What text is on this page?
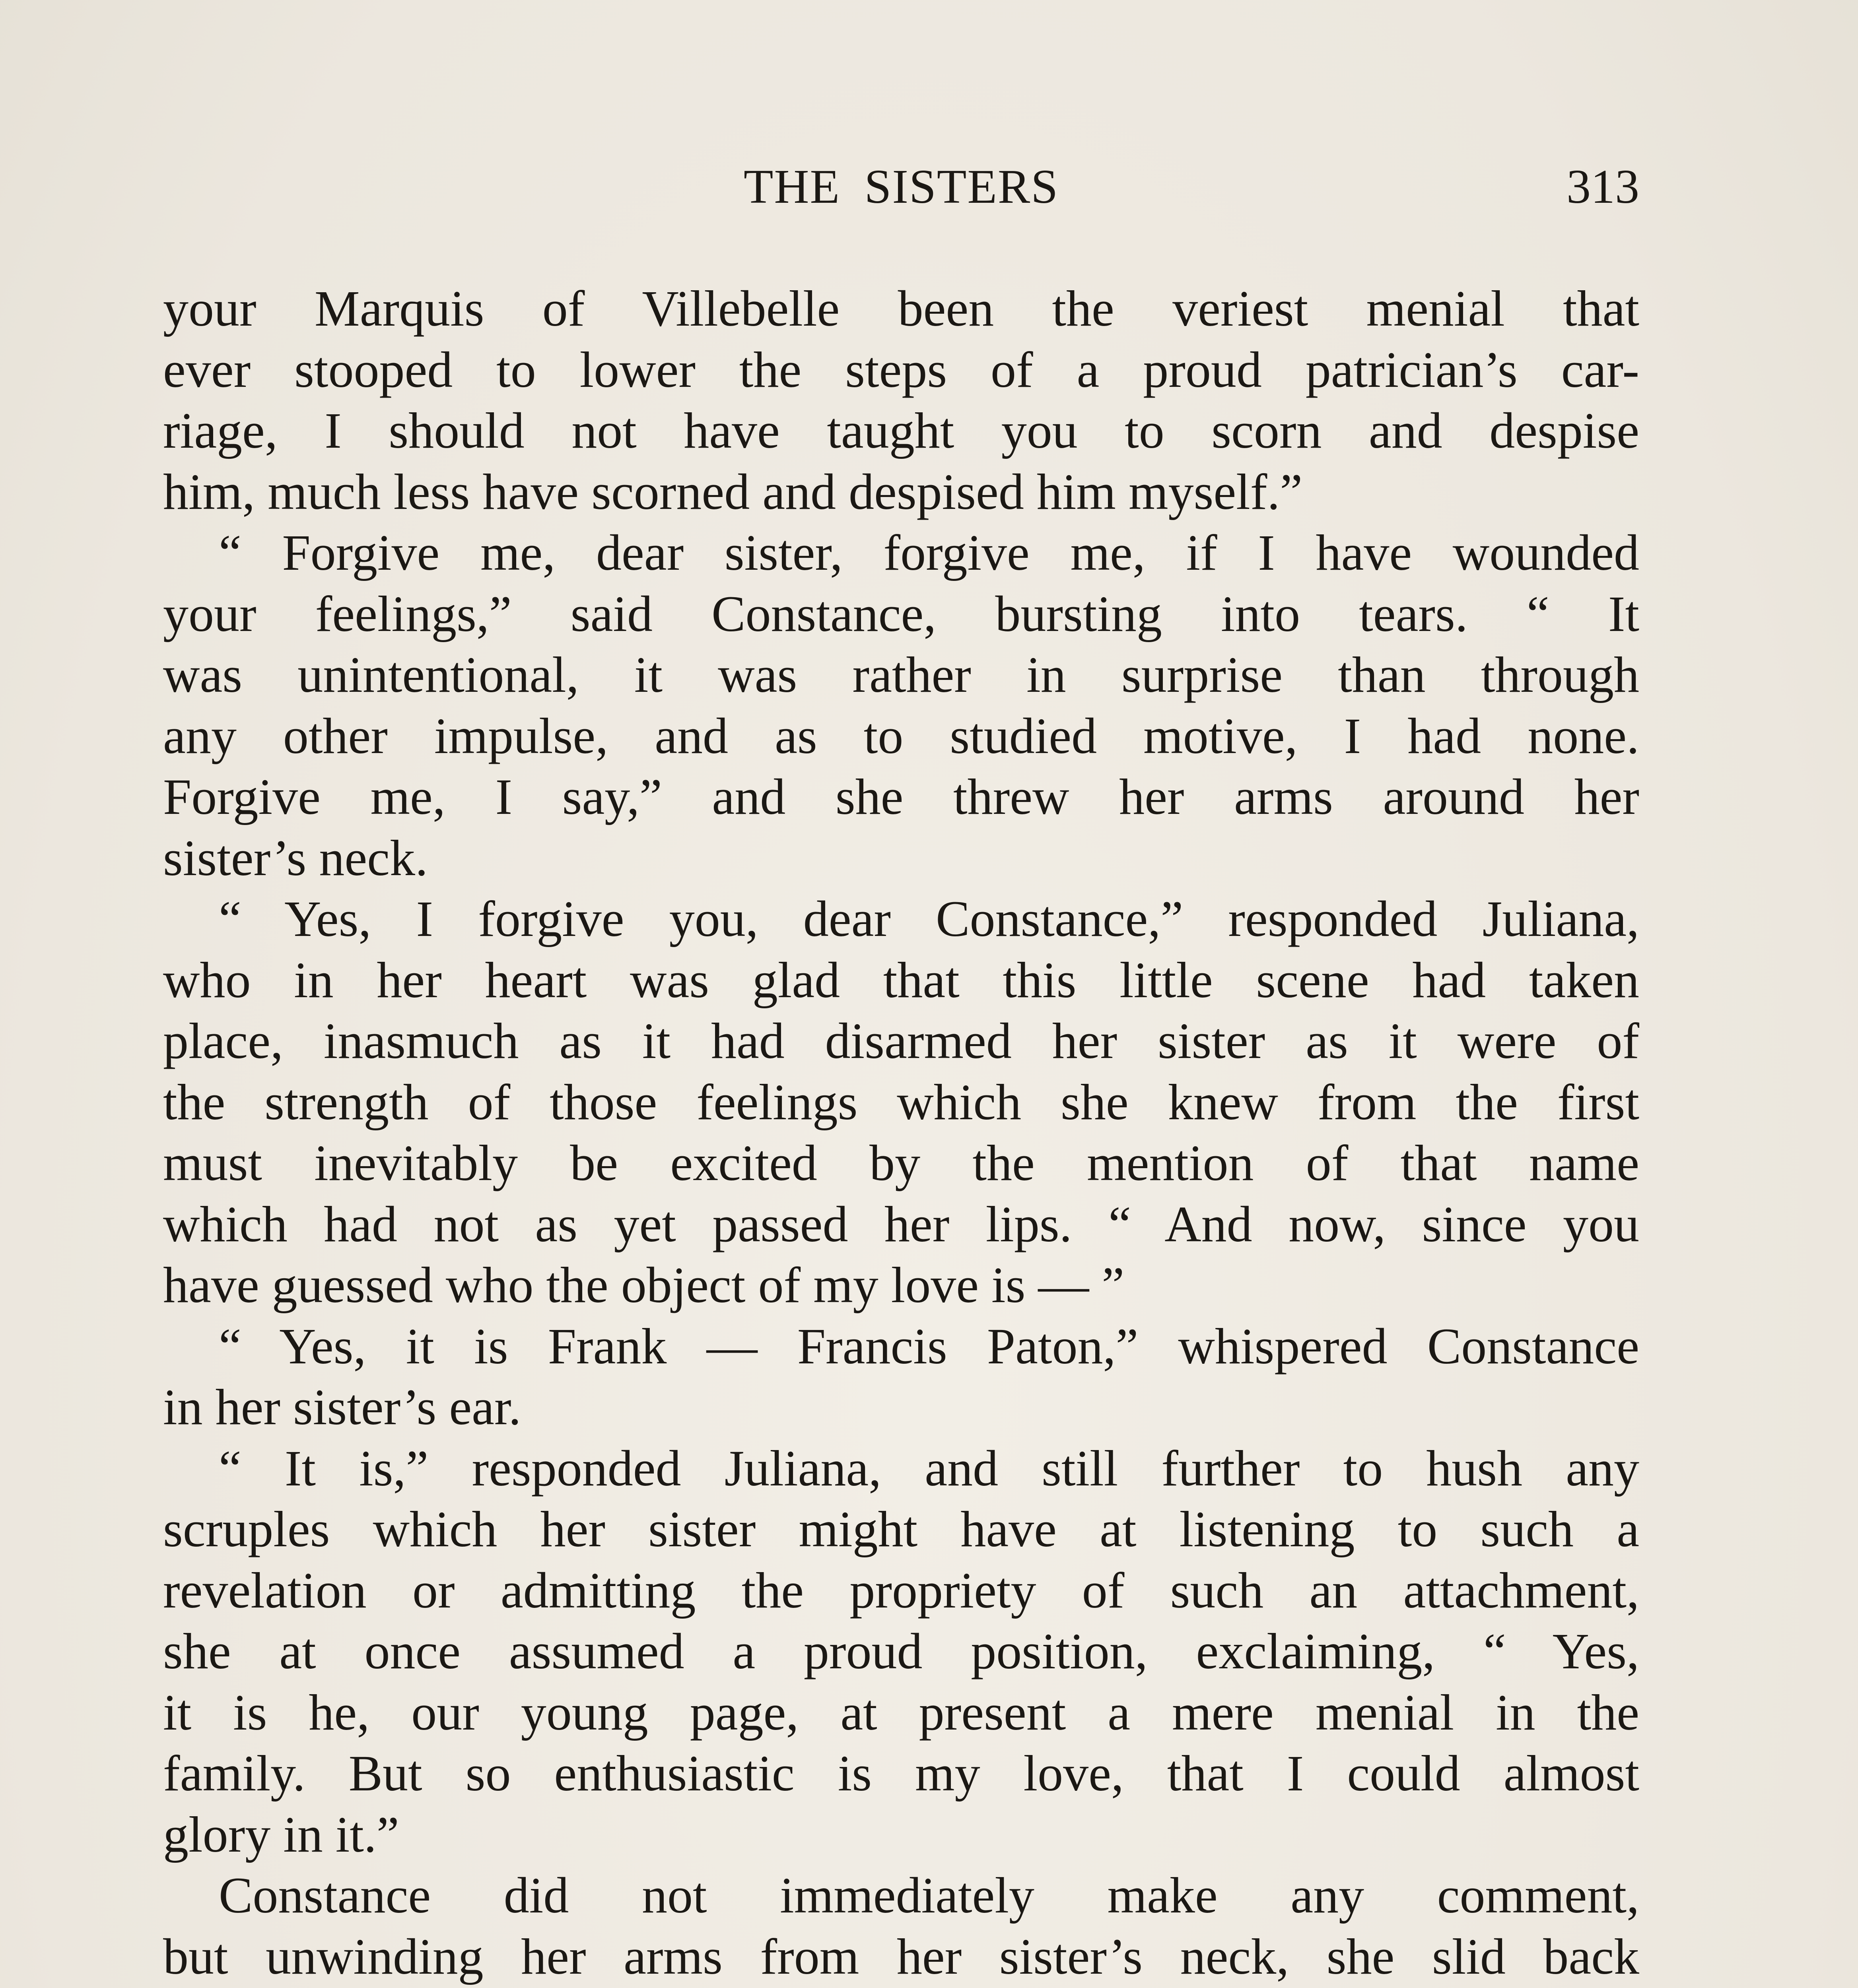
THE SISTERS	313
your Marquis of Villebelle been the veriest menial that
ever stooped to lower the steps of a proud patrician’s car-
riage, I should not have taught you to scorn and despise
him, much less have scorned and despised him myself.”
“ Forgive me, dear sister, forgive me, if I have wounded
your feelings,” said Constance, bursting into tears. “ It
was unintentional, it was rather in surprise than through
any other impulse, and as to studied motive, I had none.
Forgive me, I say,” and she threw her arms around her
sister’s neck.
“ Yes, I forgive you, dear Constance,” responded Juliana,
who in her heart was glad that this little scene had taken
place, inasmuch as it had disarmed her sister as it were of
the strength of those feelings which she knew from the first
must inevitably be excited by the mention of that name
which had not as yet passed her lips. “ And now, since you
have guessed who the object of my love is — ”
“ Yes, it is Frank — Francis Paton,” whispered Constance
in her sister’s ear.
“ It is,” responded Juliana, and still further to hush any
scruples which her sister might have at listening to such a
revelation or admitting the propriety of such an attachment,
she at once assumed a proud position, exclaiming, “ Yes,
it is he, our young page, at present a mere menial in the
family. But so enthusiastic is my love, that I could almost
glory in it.”
Constance did not immediately make any comment,
but unwinding her arms from her sister’s neck, she slid back
